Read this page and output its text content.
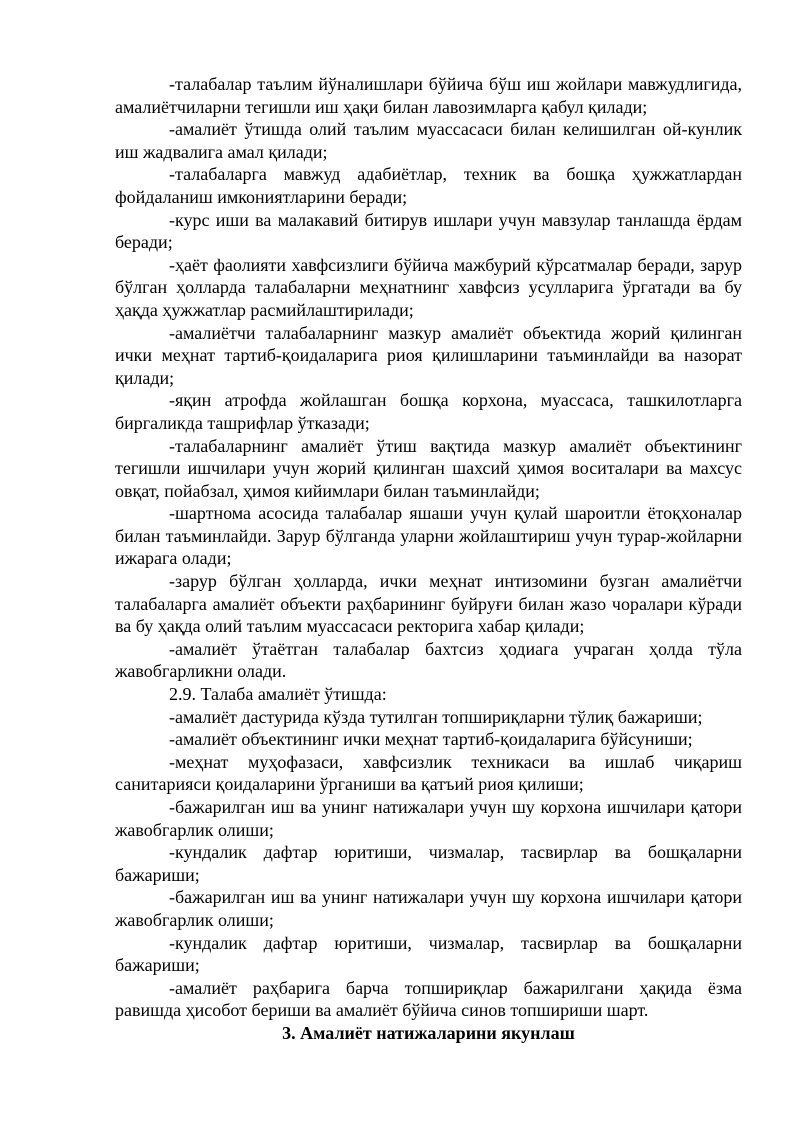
-талабалар таълим йўналишлари бўйича бўш иш жойлари мавжудлигида, амалиётчиларни тегишли иш ҳақи билан лавозимларга қабул қилади;

-амалиёт ўтишда олий таълим муассасаси билан келишилган ой-кунлик иш жадвалига амал қилади;

-талабаларга мавжуд адабиётлар, техник ва бошқа ҳужжатлардан фойдаланиш имкониятларини беради;

-курс иши ва малакавий битирув ишлари учун мавзулар танлашда ёрдам беради;

-ҳаёт фаолияти хавфсизлиги бўйича мажбурий кўрсатмалар беради, зарур бўлган ҳолларда талабаларни меҳнатнинг хавфсиз усулларига ўргатади ва бу ҳақда ҳужжатлар расмийлаштирилади;

-амалиётчи талабаларнинг мазкур амалиёт объектида жорий қилинган ички меҳнат тартиб-қоидаларига риоя қилишларини таъминлайди ва назорат қилади;

-яқин атрофда жойлашган бошқа корхона, муассаса, ташкилотларга биргаликда ташрифлар ўтказади;

-талабаларнинг амалиёт ўтиш вақтида мазкур амалиёт объектининг тегишли ишчилари учун жорий қилинган шахсий ҳимоя воситалари ва махсус овқат, пойабзал, ҳимоя кийимлари билан таъминлайди;

-шартнома асосида талабалар яшаши учун қулай шароитли ётоқхоналар билан таъминлайди. Зарур бўлганда уларни жойлаштириш учун турар-жойларни ижарага олади;

-зарур бўлган ҳолларда, ички меҳнат интизомини бузган амалиётчи талабаларга амалиёт объекти раҳбарининг буйруғи билан жазо чоралари кўради ва бу ҳақда олий таълим муассасаси ректорига хабар қилади;

-амалиёт ўтаётган талабалар бахтсиз ҳодиага учраган ҳолда тўла жавобгарликни олади.

2.9. Талаба амалиёт ўтишда:

-амалиёт дастурида кўзда тутилган топшириқларни тўлиқ бажариши;

-амалиёт объектининг ички меҳнат тартиб-қоидаларига бўйсуниши;

-меҳнат муҳофазаси, хавфсизлик техникаси ва ишлаб чиқариш санитарияси қоидаларини ўрганиши ва қатъий риоя қилиши;

-бажарилган иш ва унинг натижалари учун шу корхона ишчилари қатори жавобгарлик олиши;

-кундалик дафтар юритиши, чизмалар, тасвирлар ва бошқаларни бажариши;

-бажарилган иш ва унинг натижалари учун шу корхона ишчилари қатори жавобгарлик олиши;

-кундалик дафтар юритиши, чизмалар, тасвирлар ва бошқаларни бажариши;

-амалиёт раҳбарига барча топшириқлар бажарилгани ҳақида ёзма равишда ҳисобот бериши ва амалиёт бўйича синов топшириши шарт.

3. Амалиёт натижаларини якунлаш
